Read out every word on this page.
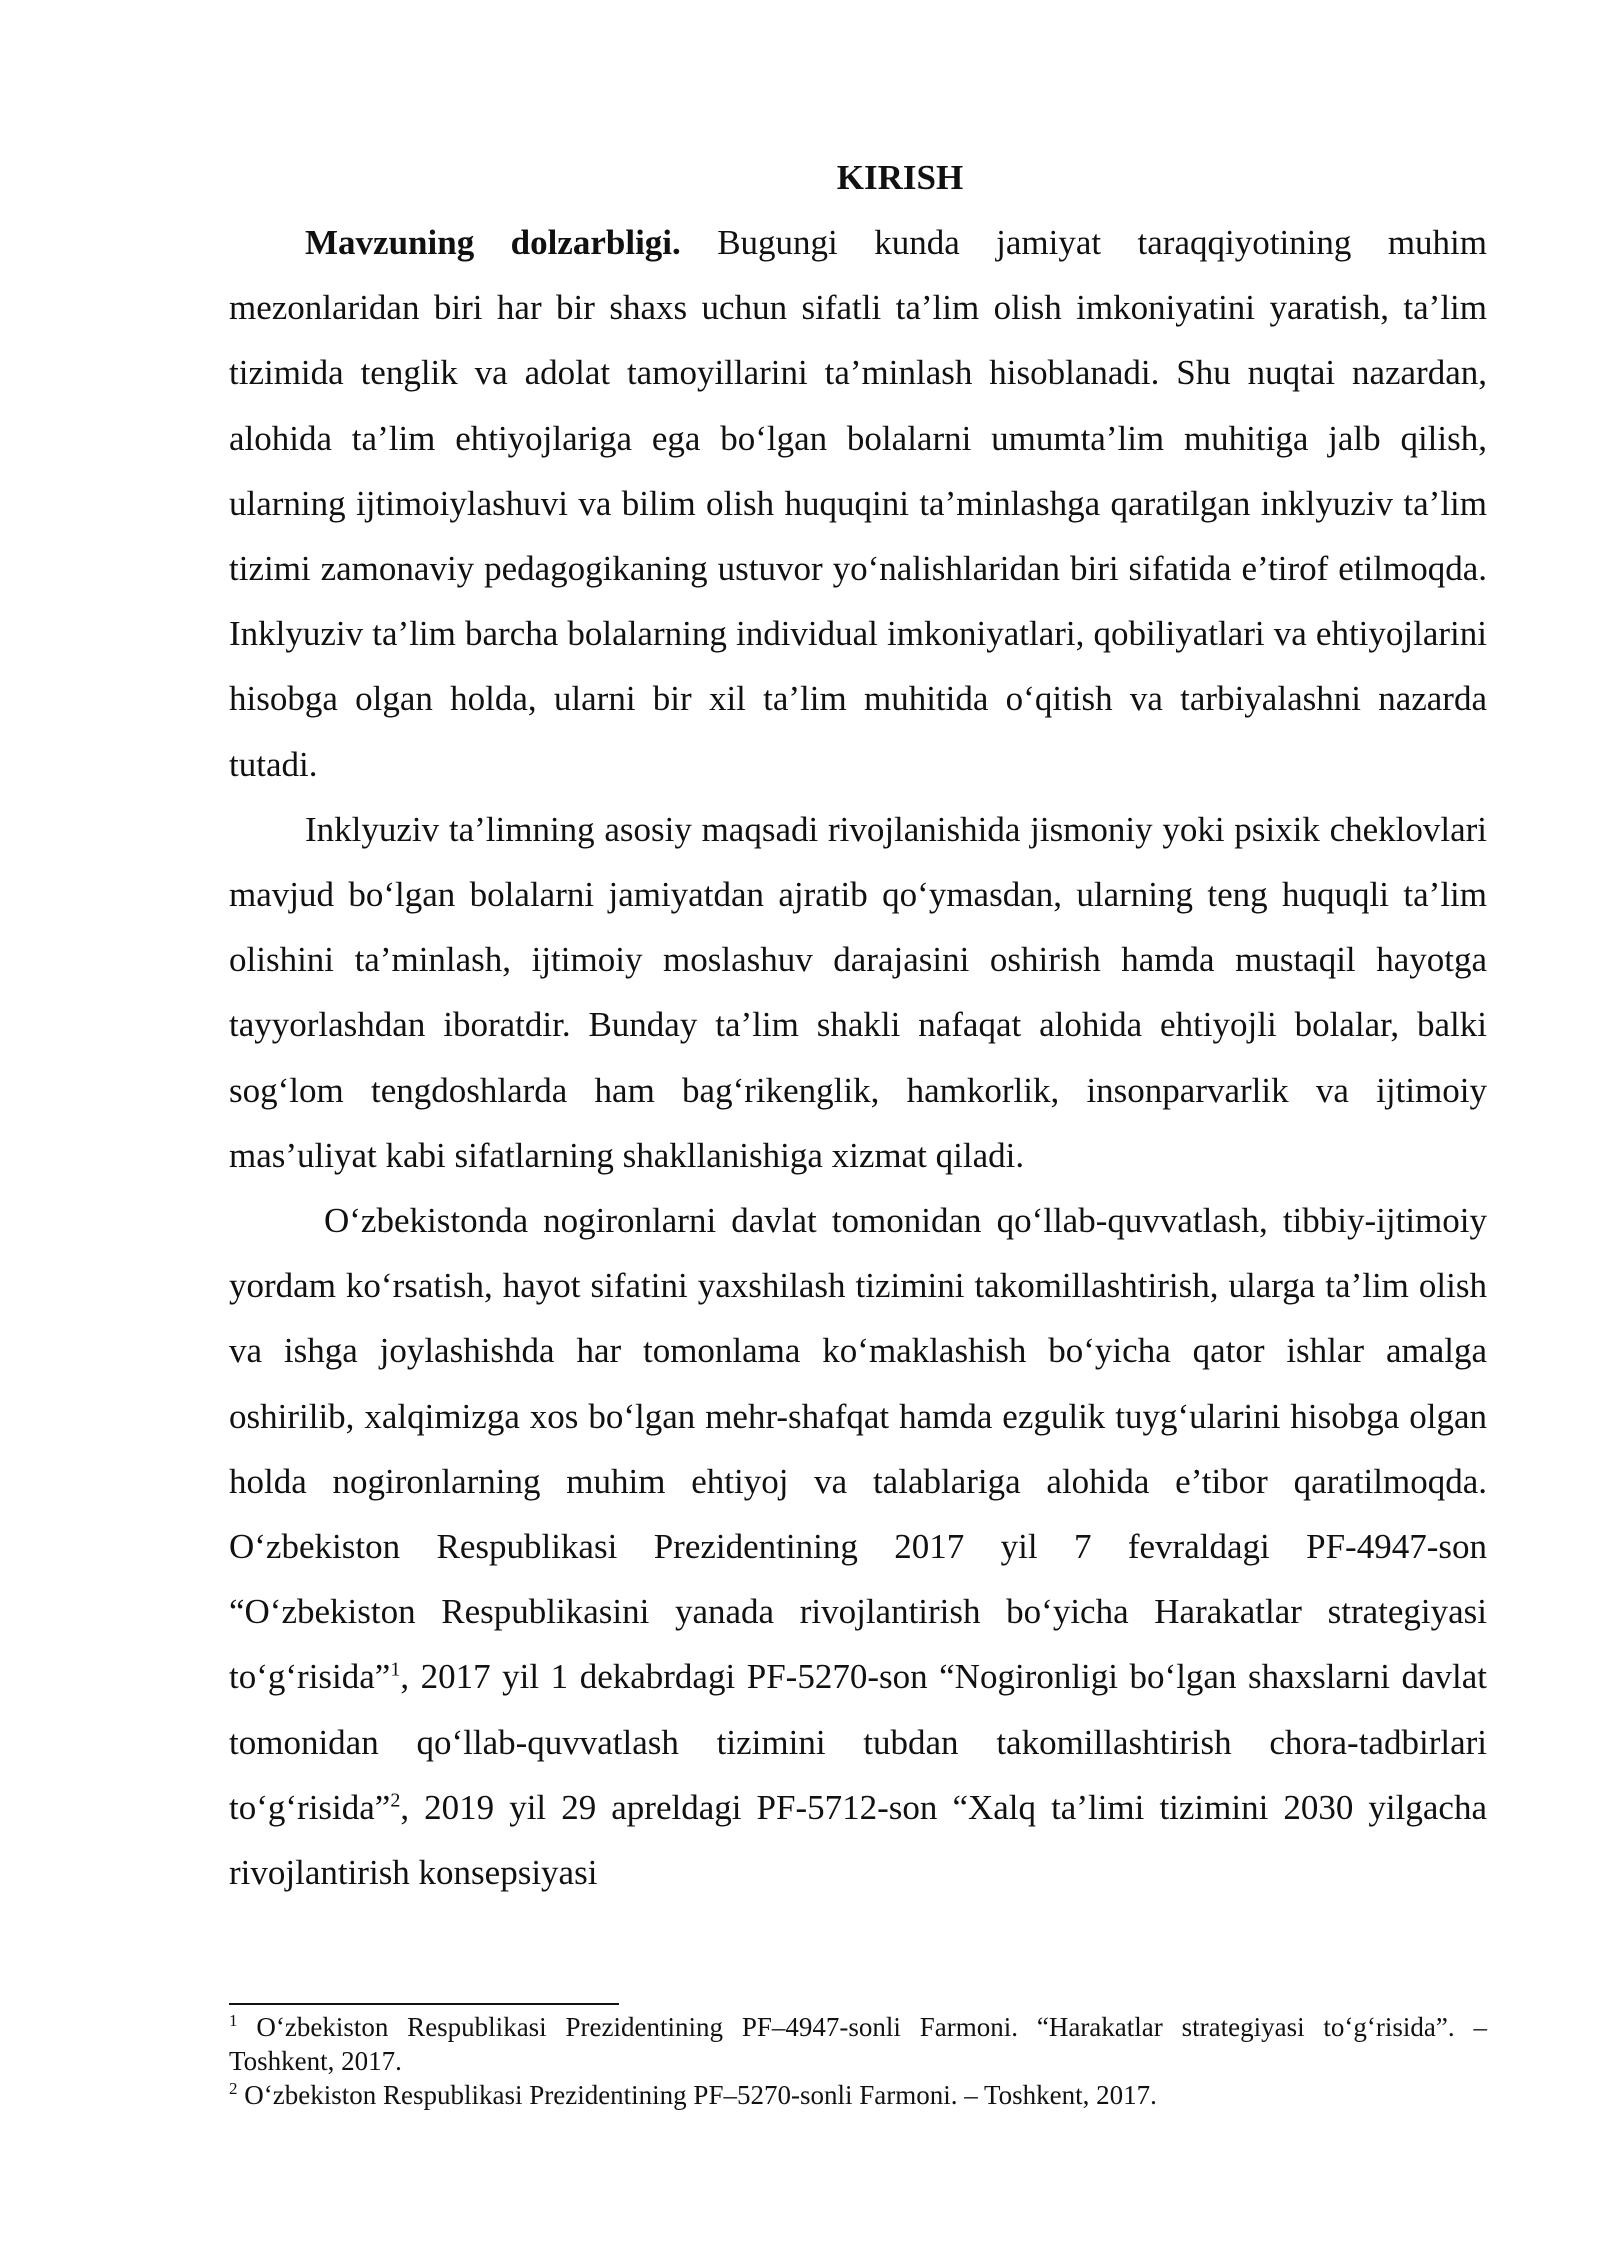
KIRISH

Mavzuning dolzarbligi. Bugungi kunda jamiyat taraqqiyotining muhim mezonlaridan biri har bir shaxs uchun sifatli ta’lim olish imkoniyatini yaratish, ta’lim tizimida tenglik va adolat tamoyillarini ta’minlash hisoblanadi. Shu nuqtai nazardan, alohida ta’lim ehtiyojlariga ega bo‘lgan bolalarni umumta’lim muhitiga jalb qilish, ularning ijtimoiylashuvi va bilim olish huquqini ta’minlashga qaratilgan inklyuziv ta’lim tizimi zamonaviy pedagogikaning ustuvor yo‘nalishlaridan biri sifatida e’tirof etilmoqda. Inklyuziv ta’lim barcha bolalarning individual imkoniyatlari, qobiliyatlari va ehtiyojlarini hisobga olgan holda, ularni bir xil ta’lim muhitida o‘qitish va tarbiyalashni nazarda tutadi.

Inklyuziv ta’limning asosiy maqsadi rivojlanishida jismoniy yoki psixik cheklovlari mavjud bo‘lgan bolalarni jamiyatdan ajratib qo‘ymasdan, ularning teng huquqli ta’lim olishini ta’minlash, ijtimoiy moslashuv darajasini oshirish hamda mustaqil hayotga tayyorlashdan iboratdir. Bunday ta’lim shakli nafaqat alohida ehtiyojli bolalar, balki sog‘lom tengdoshlarda ham bag‘rikenglik, hamkorlik, insonparvarlik va ijtimoiy mas’uliyat kabi sifatlarning shakllanishiga xizmat qiladi.

O‘zbekistonda nogironlarni davlat tomonidan qo‘llab-quvvatlash, tibbiy-ijtimoiy yordam ko‘rsatish, hayot sifatini yaxshilash tizimini takomillashtirish, ularga ta’lim olish va ishga joylashishda har tomonlama ko‘maklashish bo‘yicha qator ishlar amalga oshirilib, xalqimizga xos bo‘lgan mehr-shafqat hamda ezgulik tuyg‘ularini hisobga olgan holda nogironlarning muhim ehtiyoj va talablariga alohida e’tibor qaratilmoqda. O‘zbekiston Respublikasi Prezidentining 2017 yil 7 fevraldagi PF-4947-son “O‘zbekiston Respublikasini yanada rivojlantirish bo‘yicha Harakatlar strategiyasi to‘g‘risida”$^1$, 2017 yil 1 dekabrdagi PF-5270-son “Nogironligi bo‘lgan shaxslarni davlat tomonidan qo‘llab-quvvatlash tizimini tubdan takomillashtirish chora-tadbirlari to‘g‘risida”$^2$, 2019 yil 29 apreldagi PF-5712-son “Xalq ta’limi tizimini 2030 yilgacha rivojlantirish konsepsiyasi

$^1$ O‘zbekiston Respublikasi Prezidentining PF–4947-sonli Farmoni. “Harakatlar strategiyasi to‘g‘risida”. – Toshkent, 2017.

$^2$ O‘zbekiston Respublikasi Prezidentining PF–5270-sonli Farmoni. – Toshkent, 2017.
